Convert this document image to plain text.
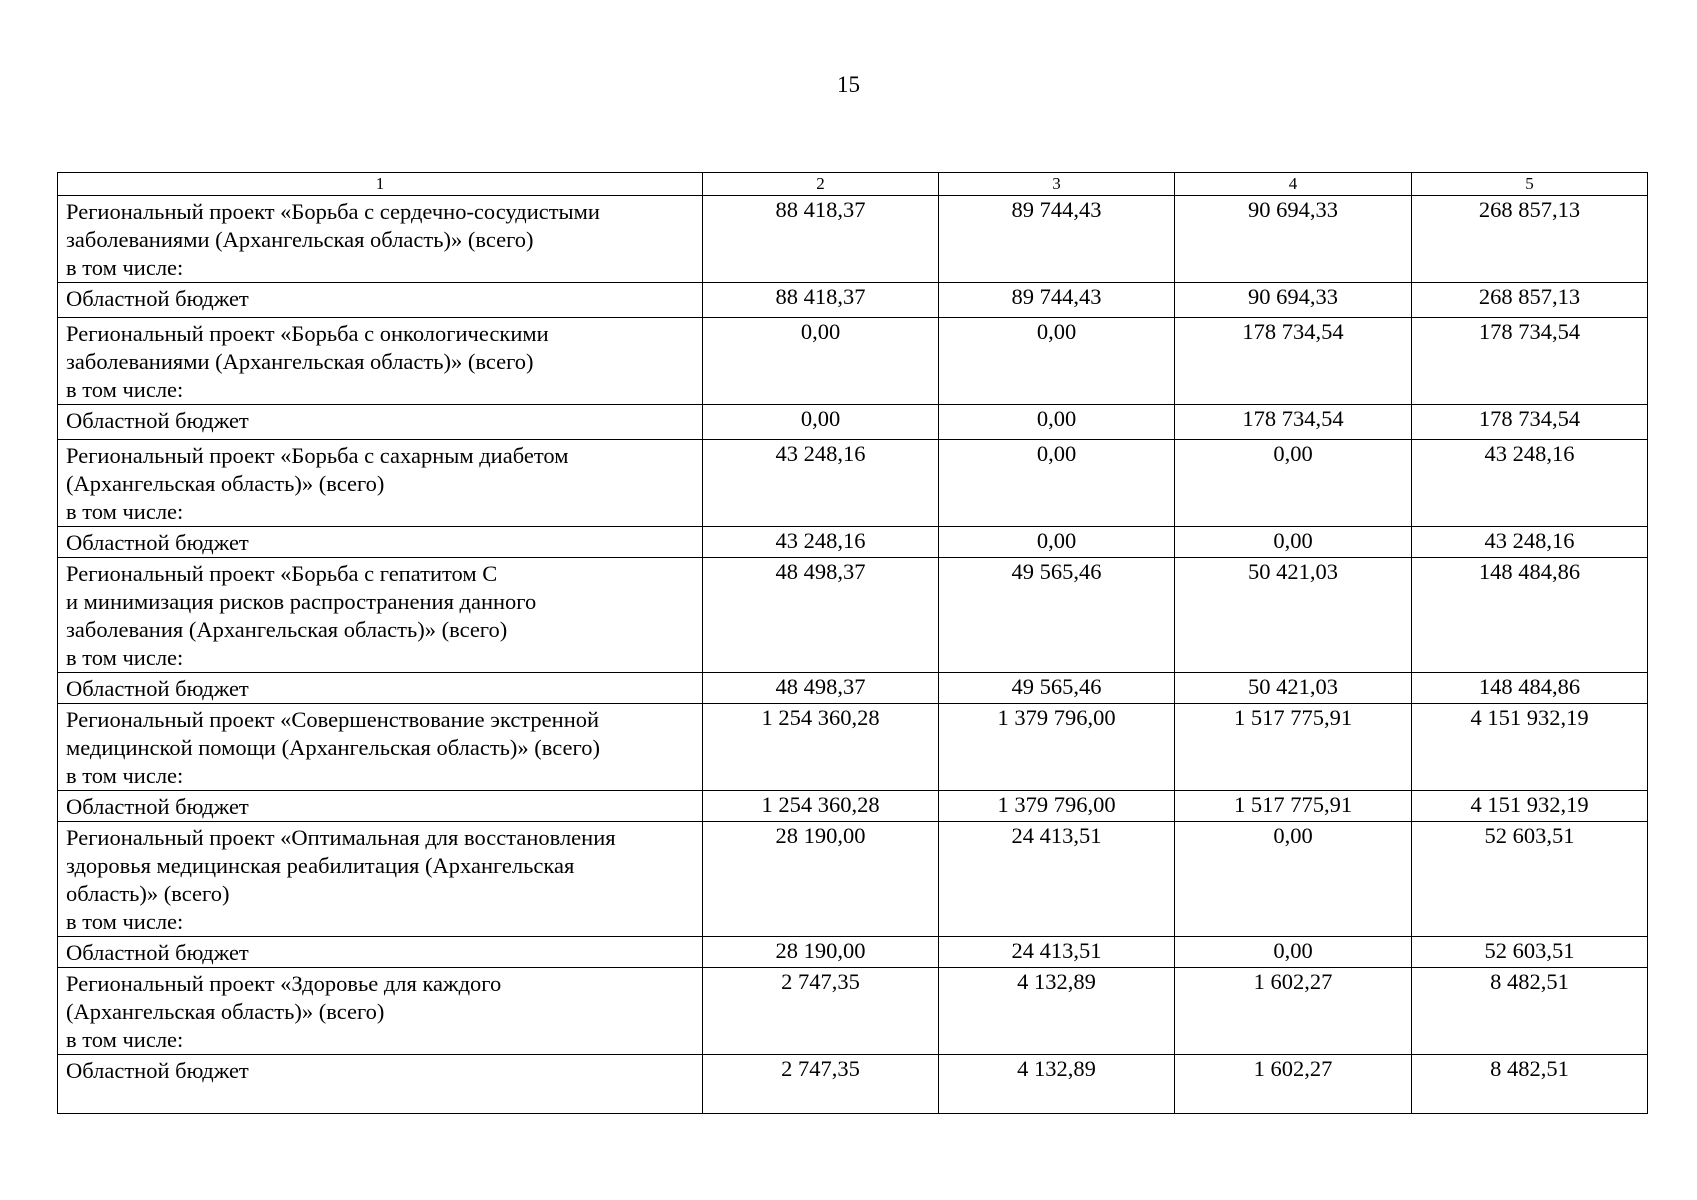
15
1	2	3	4	5
Региональный проект «Борьба с сердечно-сосудистыми
заболеваниями (Архангельская область)» (всего)
в том числе:	88 418,37	89 744,43	90 694,33	268 857,13
Областной бюджет	88 418,37	89 744,43	90 694,33	268 857,13
Региональный проект «Борьба с онкологическими
заболеваниями (Архангельская область)» (всего)
в том числе:	0,00	0,00	178 734,54	178 734,54
Областной бюджет	0,00	0,00	178 734,54	178 734,54
Региональный проект «Борьба с сахарным диабетом
(Архангельская область)» (всего)
в том числе:	43 248,16	0,00	0,00	43 248,16
Областной бюджет	43 248,16	0,00	0,00	43 248,16
Региональный проект «Борьба с гепатитом С
и минимизация рисков распространения данного
заболевания (Архангельская область)» (всего)
в том числе:	48 498,37	49 565,46	50 421,03	148 484,86
Областной бюджет	48 498,37	49 565,46	50 421,03	148 484,86
Региональный проект «Совершенствование экстренной
медицинской помощи (Архангельская область)» (всего)
в том числе:	1 254 360,28	1 379 796,00	1 517 775,91	4 151 932,19
Областной бюджет	1 254 360,28	1 379 796,00	1 517 775,91	4 151 932,19
Региональный проект «Оптимальная для восстановления
здоровья медицинская реабилитация (Архангельская
область)» (всего)
в том числе:	28 190,00	24 413,51	0,00	52 603,51
Областной бюджет	28 190,00	24 413,51	0,00	52 603,51
Региональный проект «Здоровье для каждого
(Архангельская область)» (всего)
в том числе:	2 747,35	4 132,89	1 602,27	8 482,51
Областной бюджет	2 747,35	4 132,89	1 602,27	8 482,51
